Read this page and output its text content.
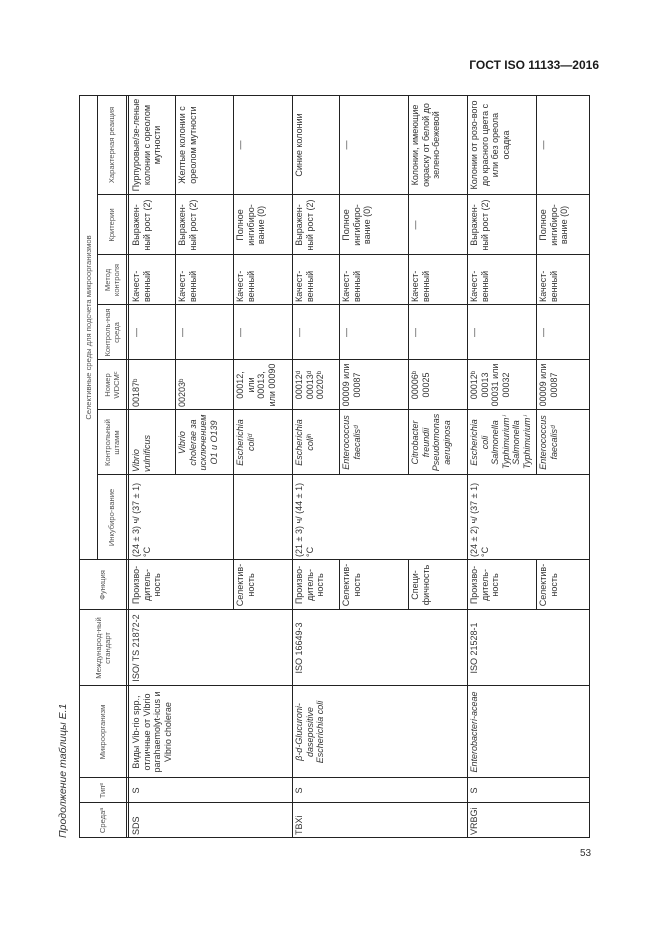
ГОСТ ISO 11133—2016
Продолжение таблицы Е.1
53
Селективные среды для подсчета микроорганизмов
Средаᵃ
Типᵉ
Микроорганизм
Международ-ный стандарт
Функция
Инкубиро-вание
Контрольный штамм
Номер WDCMᶜ
Контроль-ная среда
Метод контроля
Критерии
Характерная реакция
SDS
S
Виды Vib-rio spp., отличные от Vibrio parahaemolyt-icus и Vibrio cholerae
ISO/ TS 21872-2
(24 ± 3) ч/ (37 ± 1) °C
Произво-дитель-ность
Vibrio vulnificus
00187ᵇ
—
Качест-венный
Выражен-ный рост (2)
Пурпуровые/зе-леные колонии с ореолом мутности
Vibrio cholerae за исключением O1 и O139
00203ᵇ
—
Качест-венный
Выражен-ный рост (2)
Желтые колонии с ореолом мутности
Селектив-ность
Escherichia coliᵈ
00012, или 00013, или 00090
—
Качест-венный
Полное ингибиро-вание (0)
—
TBXi
S
β-d-Glucuroni-dasepositive Escherichia coli
ISO 16649-3
(21 ± 3) ч/ (44 ± 1) °C
Произво-дитель-ность
Escherichia coliʰ
00012ᵈ 00013ᵈ 00202ᵇ
—
Качест-венный
Выражен-ный рост (2)
Синие колонии
Селектив-ность
Enterococcus faecalisᵈ
00009 или 00087
—
Качест-венный
Полное ингибиро-вание (0)
—
Специ-фичность
Citrobacter freundii Pseudomonas aeruginosa
00006ᵇ 00025
—
Качест-венный
—
Колонии, имеющие окраску от белой до зелено-бежевой
VRBGi
S
Enterobacteri-aceae
ISO 21528-1
(24 ± 2) ч/ (37 ± 1) °C
Произво-дитель-ность
Escherichia coli Salmonella Typhimuriumⁱ Salmonella Typhimuriumⁱ
00012ᵇ 00013 00031 или 00032
—
Качест-венный
Выражен-ный рост (2)
Колонии от розо-вого до красного цвета с или без ореола осадка
Селектив-ность
Enterococcus faecalisᵈ
00009 или 00087
—
Качест-венный
Полное ингибиро-вание (0)
—
